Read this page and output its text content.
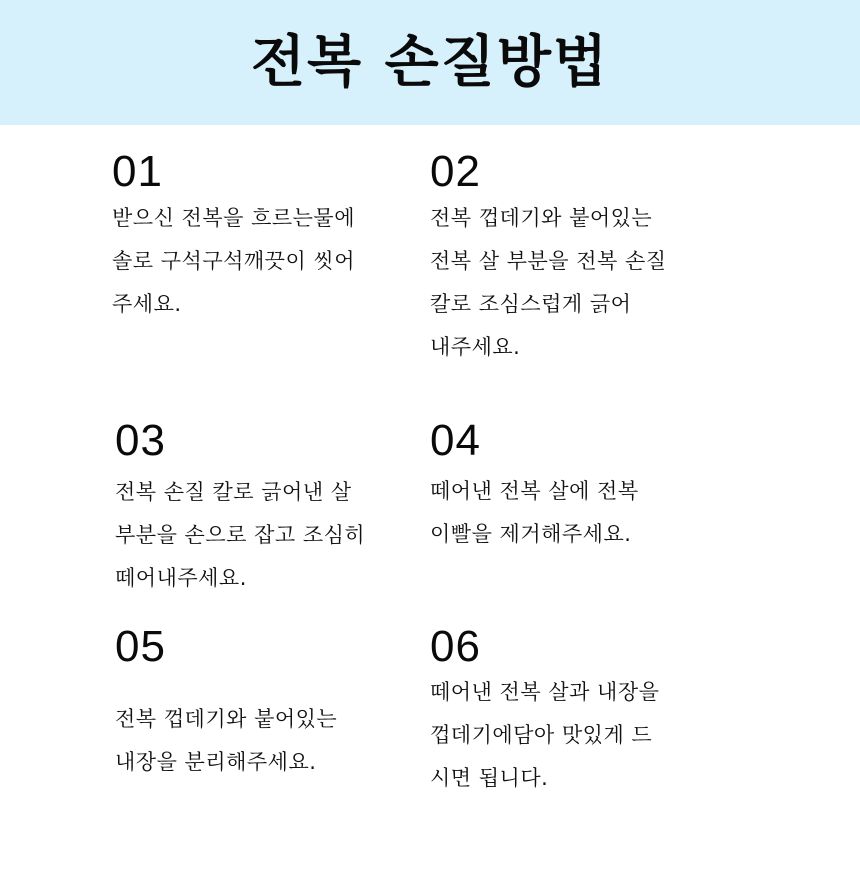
전복 손질방법
01
받으신 전복을 흐르는물에
솔로 구석구석깨끗이 씻어
주세요.
02
전복 껍데기와 붙어있는
전복 살 부분을 전복 손질
칼로 조심스럽게 긁어
내주세요.
03
전복 손질 칼로 긁어낸 살
부분을 손으로 잡고 조심히
떼어내주세요.
04
떼어낸 전복 살에 전복
이빨을 제거해주세요.
05
전복 껍데기와 붙어있는
내장을 분리해주세요.
06
떼어낸 전복 살과 내장을
껍데기에담아 맛있게 드
시면 됩니다.
